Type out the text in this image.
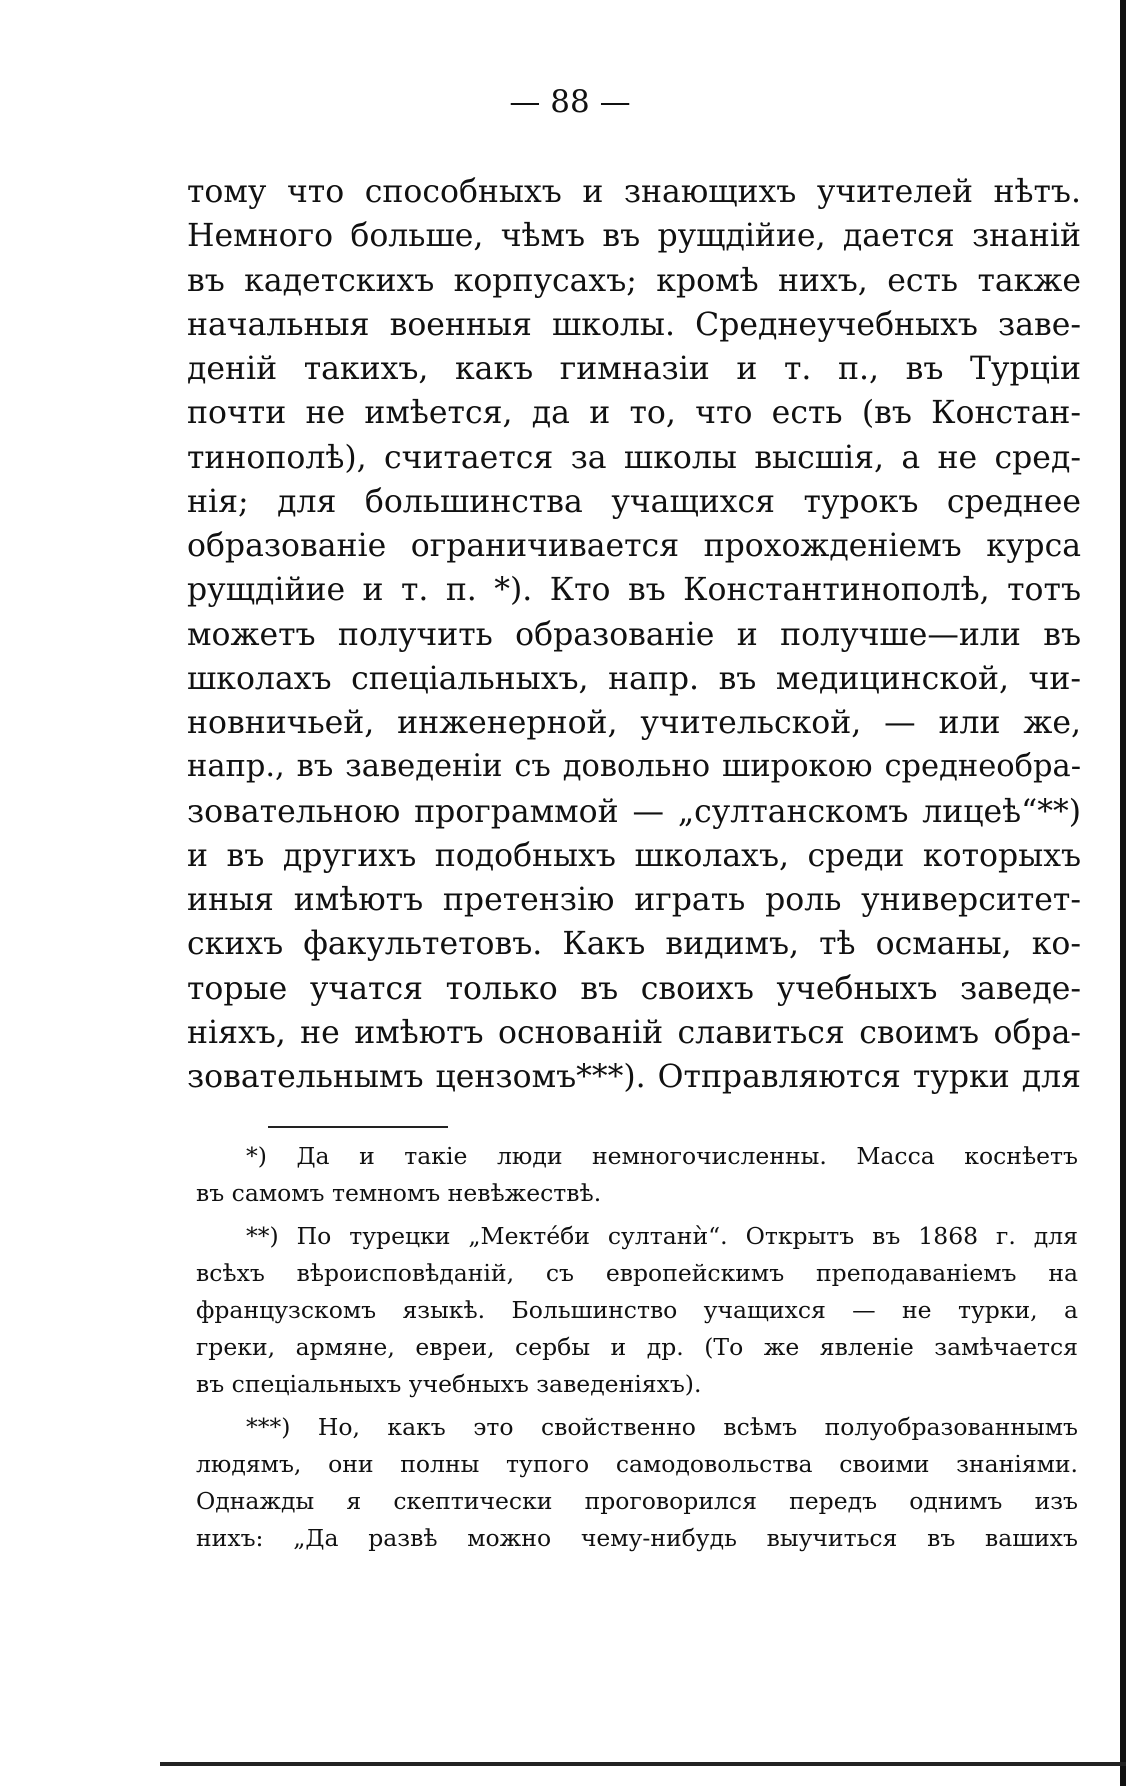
— 88 —
тому что способныхъ и знающихъ учителей нѣтъ.
Немного больше, чѣмъ въ рущдійие, дается знаній
въ кадетскихъ корпусахъ; кромѣ нихъ, есть также
начальныя военныя школы. Среднеучебныхъ заве-
деній такихъ, какъ гимназіи и т. п., въ Турціи
почти не имѣется, да и то, что есть (въ Констан-
тинополѣ), считается за школы высшія, а не сред-
нія; для большинства учащихся турокъ среднее
образованіе ограничивается прохожденіемъ курса
рущдійие и т. п. *). Кто въ Константинополѣ, тотъ
можетъ получить образованіе и получше—или въ
школахъ спеціальныхъ, напр. въ медицинской, чи-
новничьей, инженерной, учительской, — или же,
напр., въ заведеніи съ довольно широкою среднеобра-
зовательною программой — „султанскомъ лицеѣ“**)
и въ другихъ подобныхъ школахъ, среди которыхъ
иныя имѣютъ претензію играть роль университет-
скихъ факультетовъ. Какъ видимъ, тѣ османы, ко-
торые учатся только въ своихъ учебныхъ заведе-
ніяхъ, не имѣютъ основаній славиться своимъ обра-
зовательнымъ цензомъ***). Отправляются турки для
*) Да и такіе люди немногочисленны. Масса коснѣетъ
въ самомъ темномъ невѣжествѣ.
**) По турецки „Мектéби султанѝ“. Открытъ въ 1868 г. для
всѣхъ вѣроисповѣданій, съ европейскимъ преподаваніемъ на
французскомъ языкѣ. Большинство учащихся — не турки, а
греки, армяне, евреи, сербы и др. (То же явленіе замѣчается
въ спеціальныхъ учебныхъ заведеніяхъ).
***) Но, какъ это свойственно всѣмъ полуобразованнымъ
людямъ, они полны тупого самодовольства своими знаніями.
Однажды я скептически проговорился передъ однимъ изъ
нихъ: „Да развѣ можно чему-нибудь выучиться въ вашихъ
